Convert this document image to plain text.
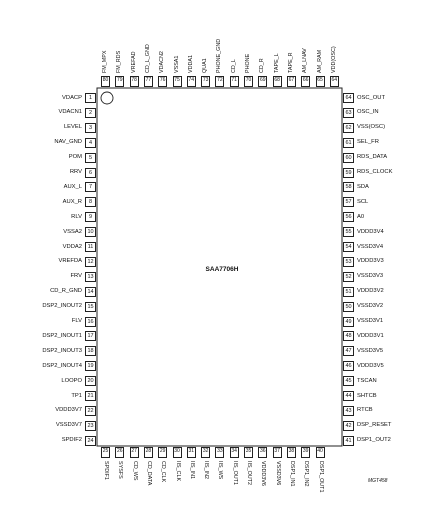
SAA7706H
MGT458
1
VDACP
2
VDACN1
3
LEVEL
4
NAV_GND
5
POM
6
RRV
7
AUX_L
8
AUX_R
9
RLV
10
VSSA2
11
VDDA2
12
VREFDA
13
FRV
14
CD_R_GND
15
DSP2_INOUT2
16
FLV
17
DSP2_INOUT1
18
DSP2_INOUT3
19
DSP2_INOUT4
20
LOOPO
21
TP1
22
VDDD3V7
23
VSSD3V7
24
SPDIF2
64 OSC_OUT
63 OSC_IN
62 VSS(OSC)
61 SEL_FR
60 RDS_DATA
59 RDS_CLOCK
58 SDA
57 SCL
56 A0
55 VDDD3V4
54 VSSD3V4
53 VDDD3V3
52 VSSD3V3
51 VDDD3V2
50 VSSD3V2
49 VSSD3V1
48 VDDD3V1
47 VSSD3V5
46 VDDD3V5
45 TSCAN
44 SHTCB
43 RTCB
42 DSP_RESET
41 DSP1_OUT2
80
FM_MPX
79
FM_RDS
78
VREFAD
77
CD_L_GND
76
VDACN2
75
VSSA1
74
VDDA1
73
QUA1
72
PHONE_GND
71
CD_L
70
PHONE
69
CD_R
68
TAPE_L
67
TAPE_R
66
AM_LNAV
65
AM_RAM
64
VDD(OSC)
25
SPDIF1
26
SYSFS
27
CD_WS
28
CD_DATA
29
CD_CLK
30
IIS_CLK
31
IIS_IN1
32
IIS_IN2
33
IIS_WS
34
IIS_OUT1
35
IIS_OUT2
36
VDDD3V6
37
VSSD3V6
38
DSP1_IN1
39
DSP1_IN2
40
DSP1_OUT1
